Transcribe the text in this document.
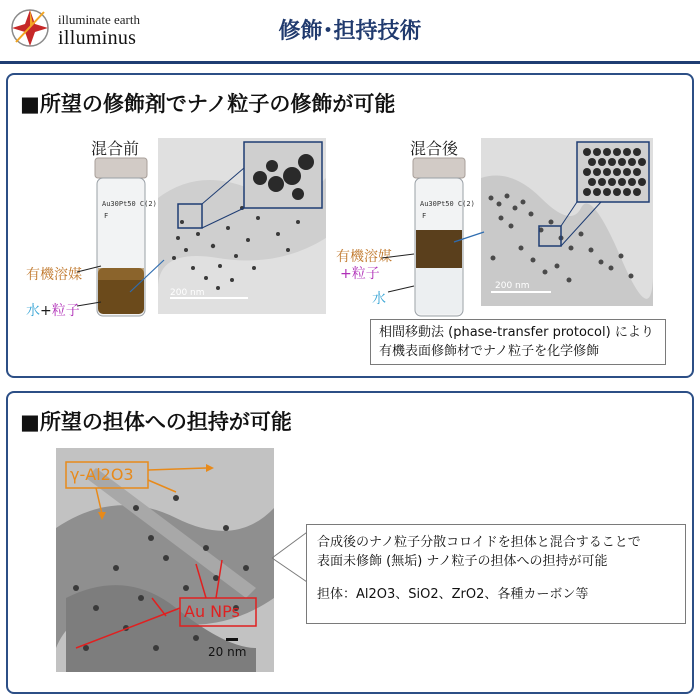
illuminate earth
illuminus	修飾･担持技術
■所望の修飾剤でナノ粒子の修飾が可能
混合前
Au30Pt50 C(2)
F
有機溶媒
水+粒子
200 nm
混合後
Au30Pt50 C(2)
F
有機溶媒
+粒子
水
200 nm
相間移動法 (phase-transfer protocol) により
有機表面修飾材でナノ粒子を化学修飾
■所望の担体への担持が可能
γ-Al2O3
Au NPs
20 nm
合成後のナノ粒子分散コロイドを担体と混合することで
表面未修飾 (無垢) ナノ粒子の担体への担持が可能
担体：Al2O3、SiO2、ZrO2、各種カーボン等
